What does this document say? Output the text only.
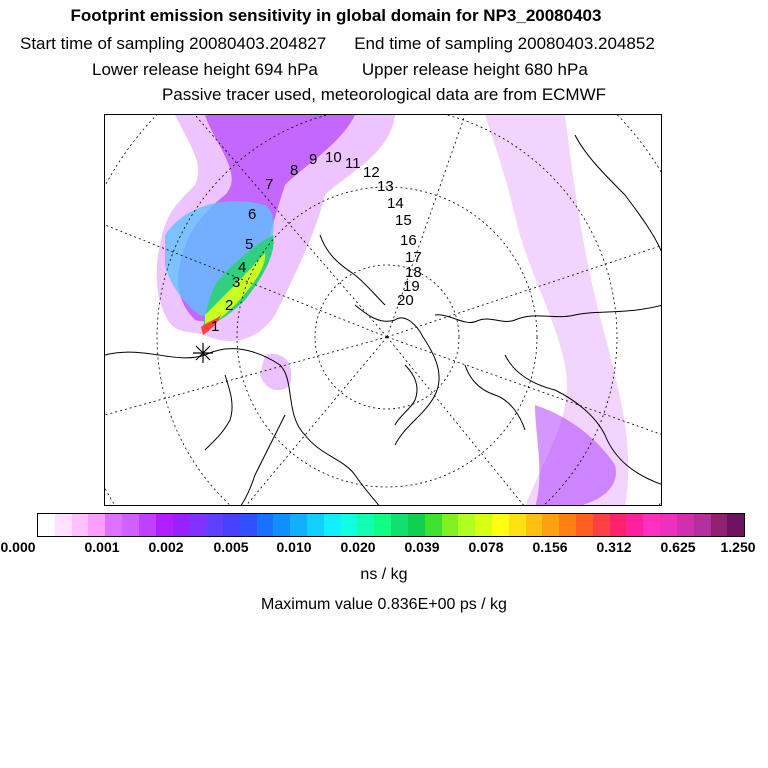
Footprint emission sensitivity in global domain for NP3_20080403
Start time of sampling 20080403.204827 End time of sampling 20080403.204852
Lower release height 694 hPa	Upper release height 680 hPa
Passive tracer used, meteorological data are from ECMWF
1
2
3
4
5
6
7
8
9 10 11
12
13
14
15
16
17
18
19
20
0.000	0.001 0.002 0.005 0.010 0.020 0.039 0.078 0.156 0.312 0.625 1.250
ns / kg
Maximum value 0.836E+00 ps / kg
